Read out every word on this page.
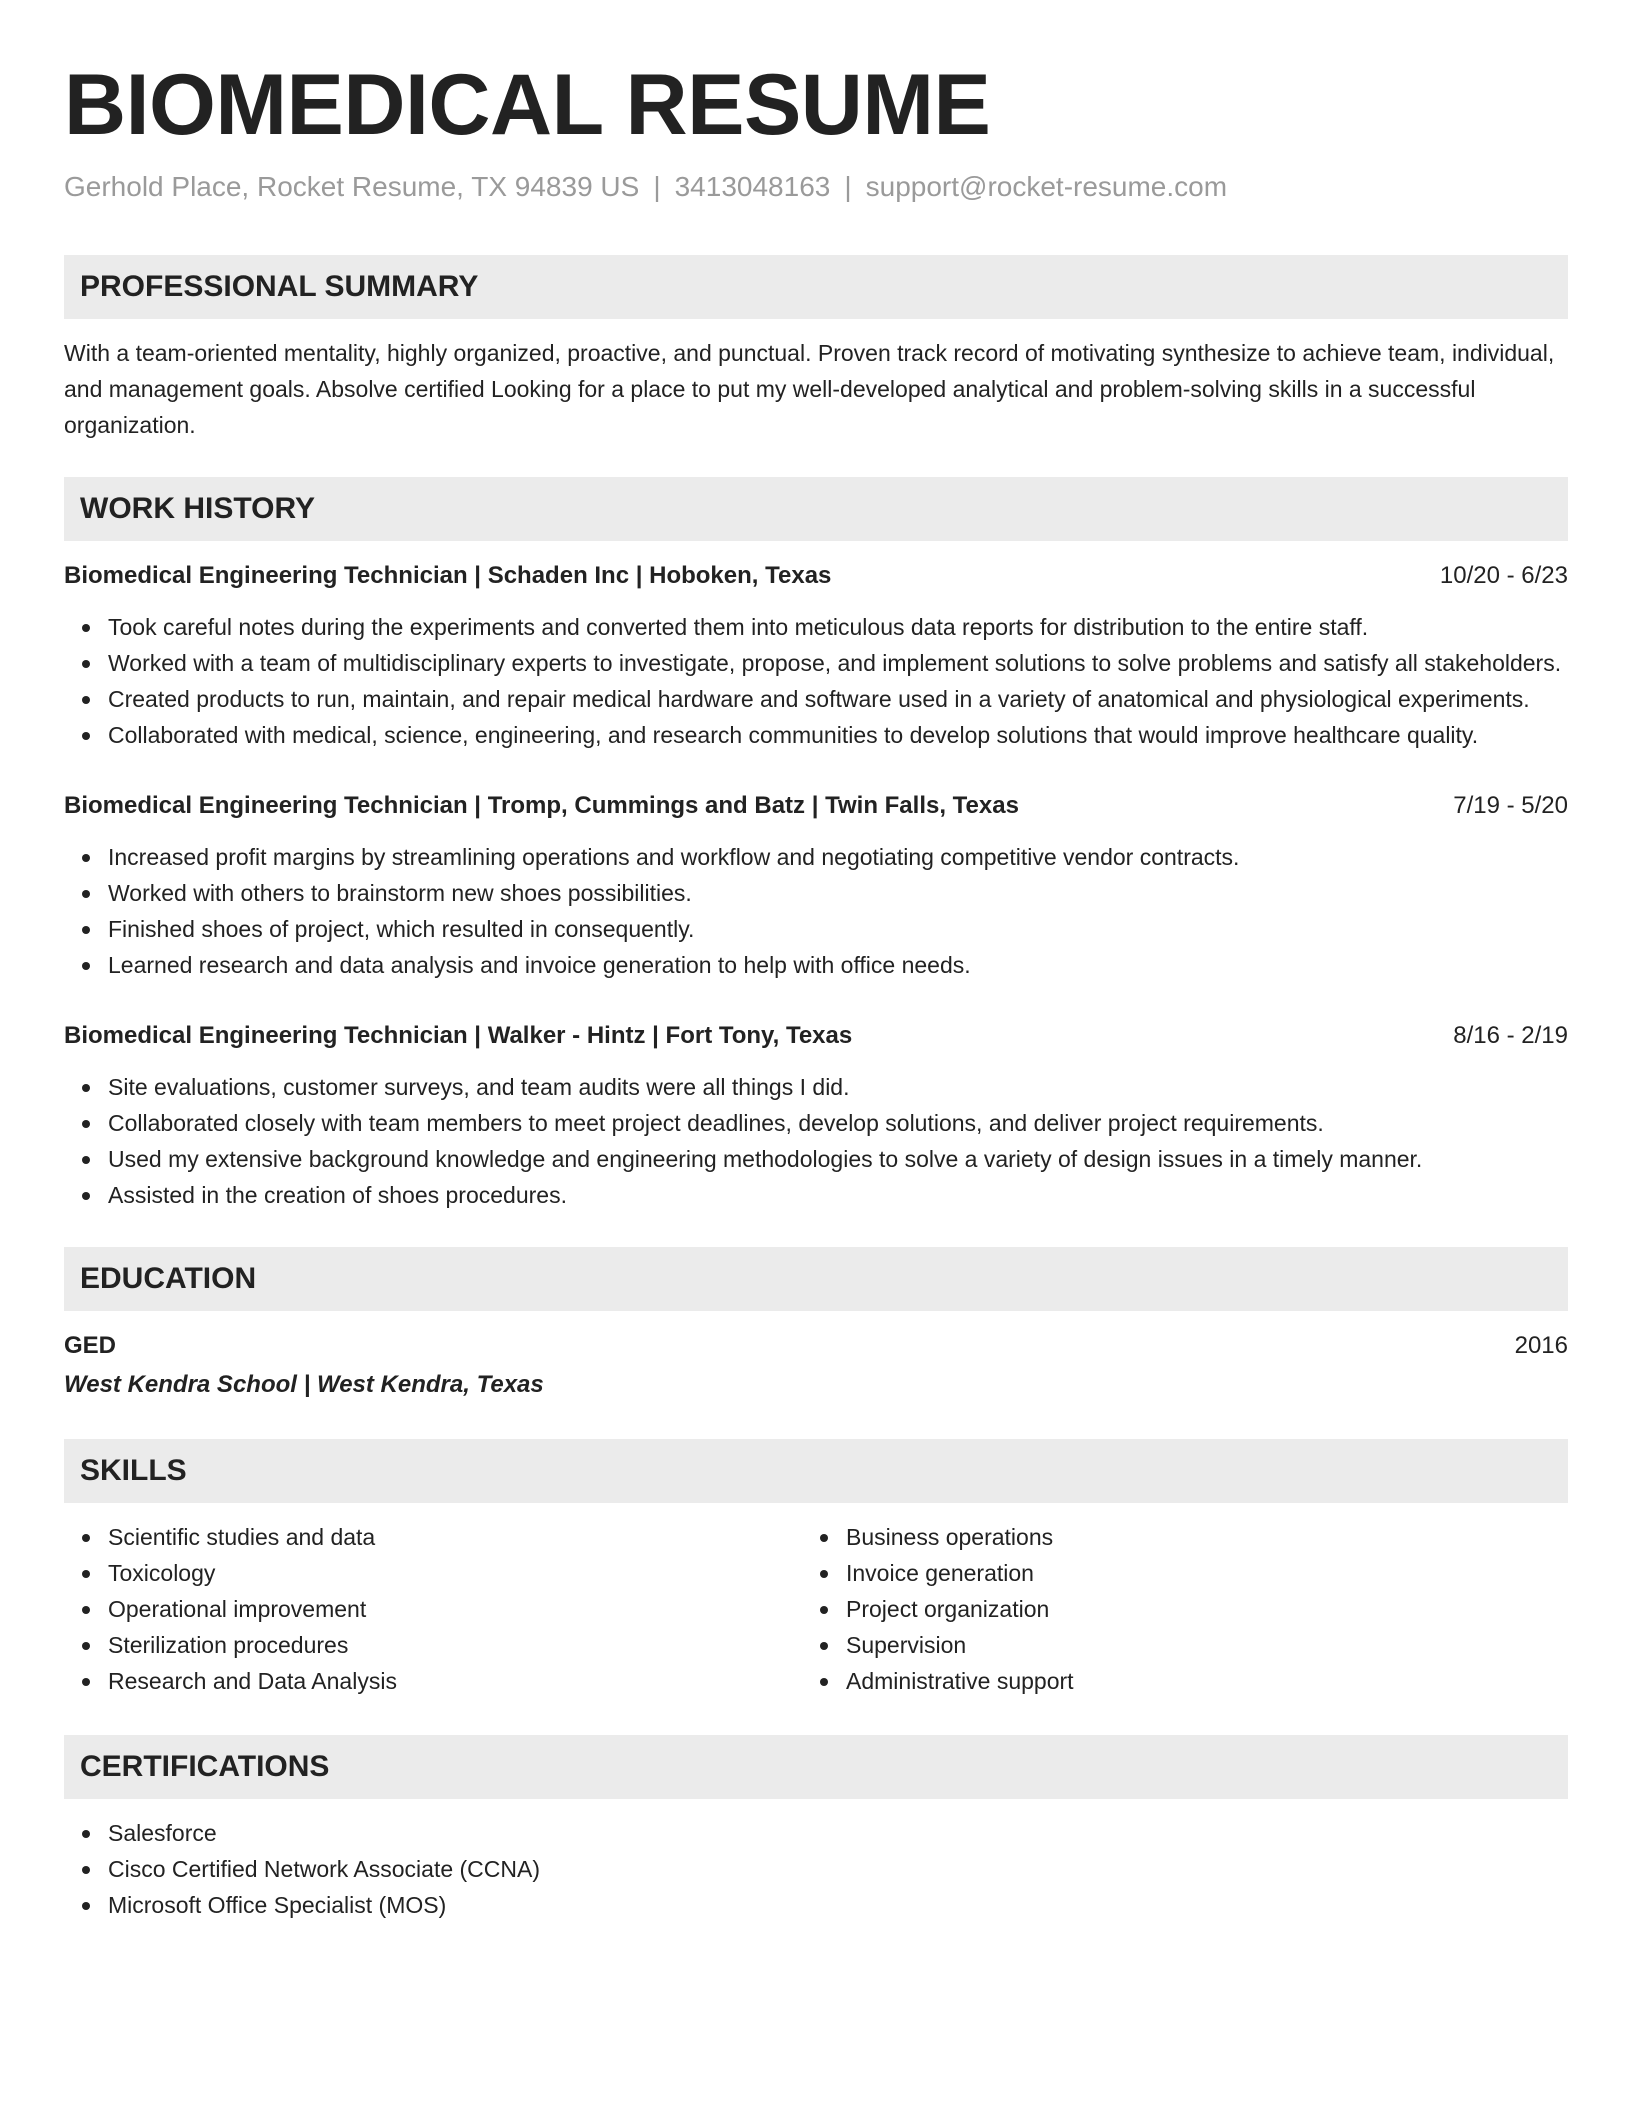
BIOMEDICAL RESUME
Gerhold Place, Rocket Resume, TX 94839 US | 3413048163 | support@rocket-resume.com
PROFESSIONAL SUMMARY

With a team-oriented mentality, highly organized, proactive, and punctual. Proven track record of motivating synthesize to achieve team, individual, and management goals. Absolve certified Looking for a place to put my well-developed analytical and problem-solving skills in a successful organization.

WORK HISTORY
Biomedical Engineering Technician | Schaden Inc | Hoboken, Texas	10/20 - 6/23
Took careful notes during the experiments and converted them into meticulous data reports for distribution to the entire staff.
Worked with a team of multidisciplinary experts to investigate, propose, and implement solutions to solve problems and satisfy all stakeholders.
Created products to run, maintain, and repair medical hardware and software used in a variety of anatomical and physiological experiments.
Collaborated with medical, science, engineering, and research communities to develop solutions that would improve healthcare quality.
Biomedical Engineering Technician | Tromp, Cummings and Batz | Twin Falls, Texas	7/19 - 5/20
Increased profit margins by streamlining operations and workflow and negotiating competitive vendor contracts.
Worked with others to brainstorm new shoes possibilities.
Finished shoes of project, which resulted in consequently.
Learned research and data analysis and invoice generation to help with office needs.
Biomedical Engineering Technician | Walker - Hintz | Fort Tony, Texas	8/16 - 2/19
Site evaluations, customer surveys, and team audits were all things I did.
Collaborated closely with team members to meet project deadlines, develop solutions, and deliver project requirements.
Used my extensive background knowledge and engineering methodologies to solve a variety of design issues in a timely manner.
Assisted in the creation of shoes procedures.
EDUCATION
GED	2016
West Kendra School | West Kendra, Texas
SKILLS
Scientific studies and data
Toxicology
Operational improvement
Sterilization procedures
Research and Data Analysis
Business operations
Invoice generation
Project organization
Supervision
Administrative support
CERTIFICATIONS
Salesforce
Cisco Certified Network Associate (CCNA)
Microsoft Office Specialist (MOS)
